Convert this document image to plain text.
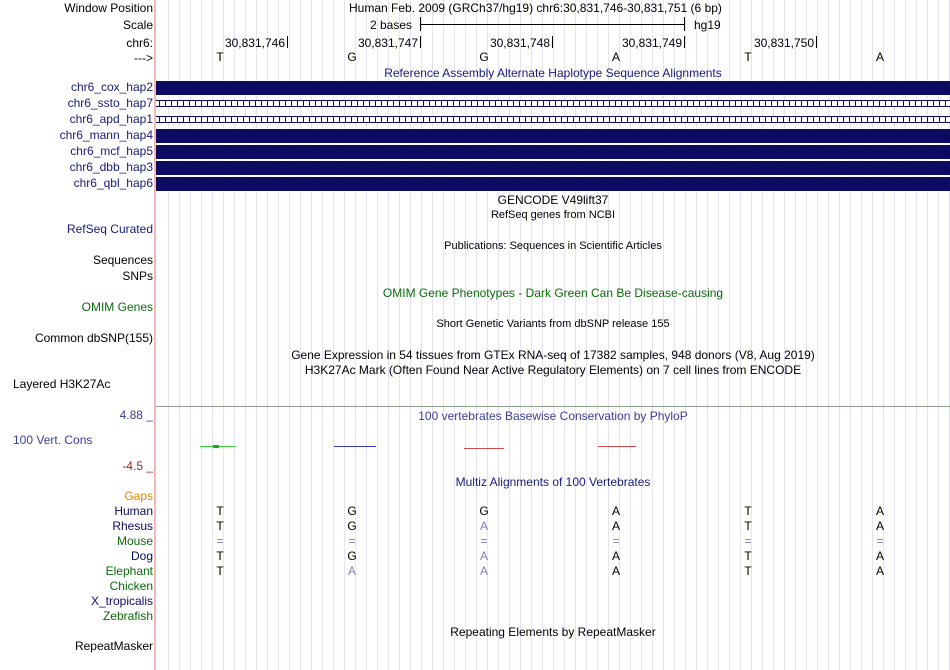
Window Position	Human Feb. 2009 (GRCh37/hg19) chr6:30,831,746-30,831,751 (6 bp)
Scale	2 bases	hg19
chr6:	30,831,746	30,831,747	30,831,748	30,831,749	30,831,750
--->	T	G	G	A	T	A
Reference Assembly Alternate Haplotype Sequence Alignments
chr6_cox_hap2
chr6_ssto_hap7
chr6_apd_hap1
chr6_mann_hap4
chr6_mcf_hap5
chr6_dbb_hap3
chr6_qbl_hap6
GENCODE V49lift37
RefSeq genes from NCBI
RefSeq Curated
Publications: Sequences in Scientific Articles
Sequences
SNPs
OMIM Gene Phenotypes - Dark Green Can Be Disease-causing
OMIM Genes
Short Genetic Variants from dbSNP release 155
Common dbSNP(155)
Gene Expression in 54 tissues from GTEx RNA-seq of 17382 samples, 948 donors (V8, Aug 2019)
H3K27Ac Mark (Often Found Near Active Regulatory Elements) on 7 cell lines from ENCODE
Layered H3K27Ac
4.88 _	100 vertebrates Basewise Conservation by PhyloP
100 Vert. Cons
-4.5 _
Multiz Alignments of 100 Vertebrates
Gaps
Human	T	G	G	A	T	A
Rhesus	T	G	A	A	T	A
Mouse	=	=	=	=	=	=
Dog	T	G	A	A	T	A
Elephant	T	A	A	A	T	A
Chicken
X_tropicalis
Zebrafish
Repeating Elements by RepeatMasker
RepeatMasker
